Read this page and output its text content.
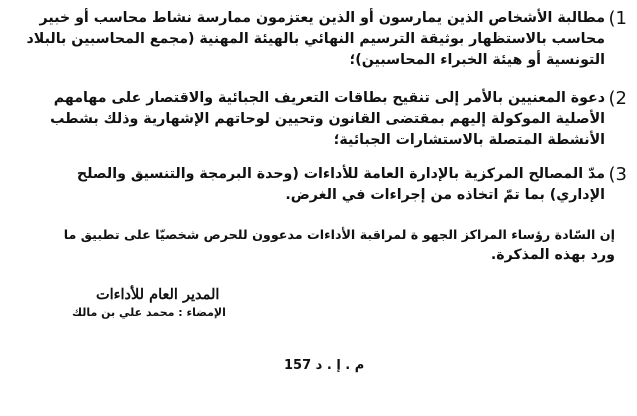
1)
مطالبة الأشخاص الذين يمارسون أو الذين يعتزمون ممارسة نشاط محاسب أو خبير
محاسب بالاستظهار بوثيقة الترسيم النهائي بالهيئة المهنية (مجمع المحاسبين بالبلاد
التونسية أو هيئة الخبراء المحاسبين)؛
2)
دعوة المعنيين بالأمر إلى تنقيح بطاقات التعريف الجبائية والاقتصار على مهامهم
الأصلية الموكولة إليهم بمقتضى القانون وتحيين لوحاتهم الإشهارية وذلك بشطب
الأنشطة المتصلة بالاستشارات الجبائية؛
3)
مدّ المصالح المركزية بالإدارة العامة للأداءات (وحدة البرمجة والتنسيق والصلح
الإداري) بما تمّ اتخاذه من إجراءات في الغرض.
إن السّادة رؤساء المراكز الجهو ة لمراقبة الأداءات مدعوون للحرص شخصيّا على تطبيق ما
ورد بهذه المذكرة.
المدير العام للأداءات
الإمضاء : محمد علي بن مالك
م . إ . د 157
